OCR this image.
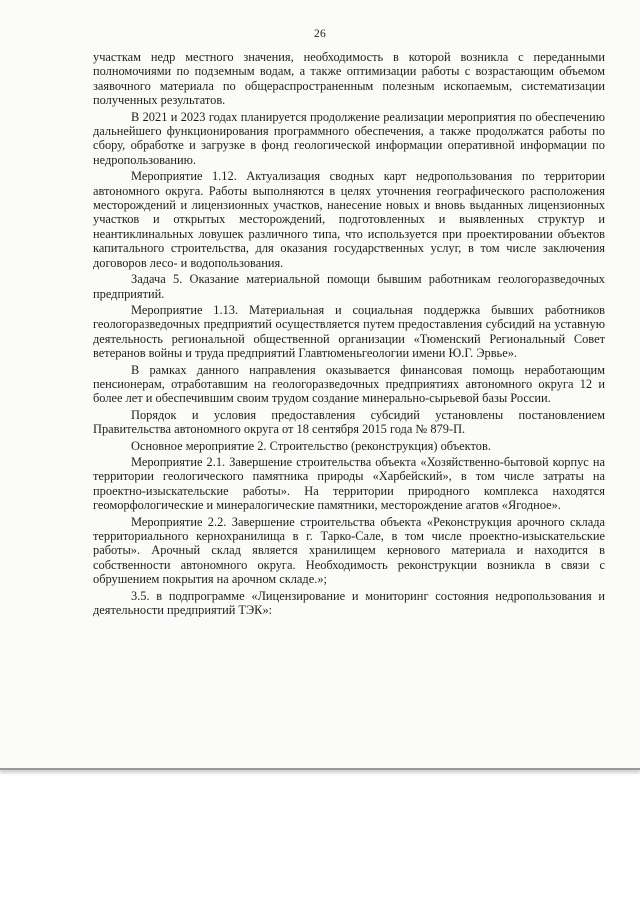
26

участкам недр местного значения, необходимость в которой возникла с переданными полномочиями по подземным водам, а также оптимизации работы с возрастающим объемом заявочного материала по общераспространенным полезным ископаемым, систематизации полученных результатов.

В 2021 и 2023 годах планируется продолжение реализации мероприятия по обеспечению дальнейшего функционирования программного обеспечения, а также продолжатся работы по сбору, обработке и загрузке в фонд геологической информации оперативной информации по недропользованию.

Мероприятие 1.12. Актуализация сводных карт недропользования по территории автономного округа. Работы выполняются в целях уточнения географического расположения месторождений и лицензионных участков, нанесение новых и вновь выданных лицензионных участков и открытых месторождений, подготовленных и выявленных структур и неантиклинальных ловушек различного типа, что используется при проектировании объектов капитального строительства, для оказания государственных услуг, в том числе заключения договоров лесо- и водопользования.

Задача 5. Оказание материальной помощи бывшим работникам геологоразведочных предприятий.

Мероприятие 1.13. Материальная и социальная поддержка бывших работников геологоразведочных предприятий осуществляется путем предоставления субсидий на уставную деятельность региональной общественной организации «Тюменский Региональный Совет ветеранов войны и труда предприятий Главтюменьгеологии имени Ю.Г. Эрвье».

В рамках данного направления оказывается финансовая помощь неработающим пенсионерам, отработавшим на геологоразведочных предприятиях автономного округа 12 и более лет и обеспечившим своим трудом создание минерально-сырьевой базы России.

Порядок и условия предоставления субсидий установлены постановлением Правительства автономного округа от 18 сентября 2015 года № 879-П.

Основное мероприятие 2. Строительство (реконструкция) объектов.

Мероприятие 2.1. Завершение строительства объекта «Хозяйственно-бытовой корпус на территории геологического памятника природы «Харбейский», в том числе затраты на проектно-изыскательские работы». На территории природного комплекса находятся геоморфологические и минералогические памятники, месторождение агатов «Ягодное».

Мероприятие 2.2. Завершение строительства объекта «Реконструкция арочного склада территориального кернохранилища в г. Тарко-Сале, в том числе проектно-изыскательские работы». Арочный склад является хранилищем кернового материала и находится в собственности автономного округа. Необходимость реконструкции возникла в связи с обрушением покрытия на арочном складе.»;

3.5. в подпрограмме «Лицензирование и мониторинг состояния недропользования и деятельности предприятий ТЭК»:
